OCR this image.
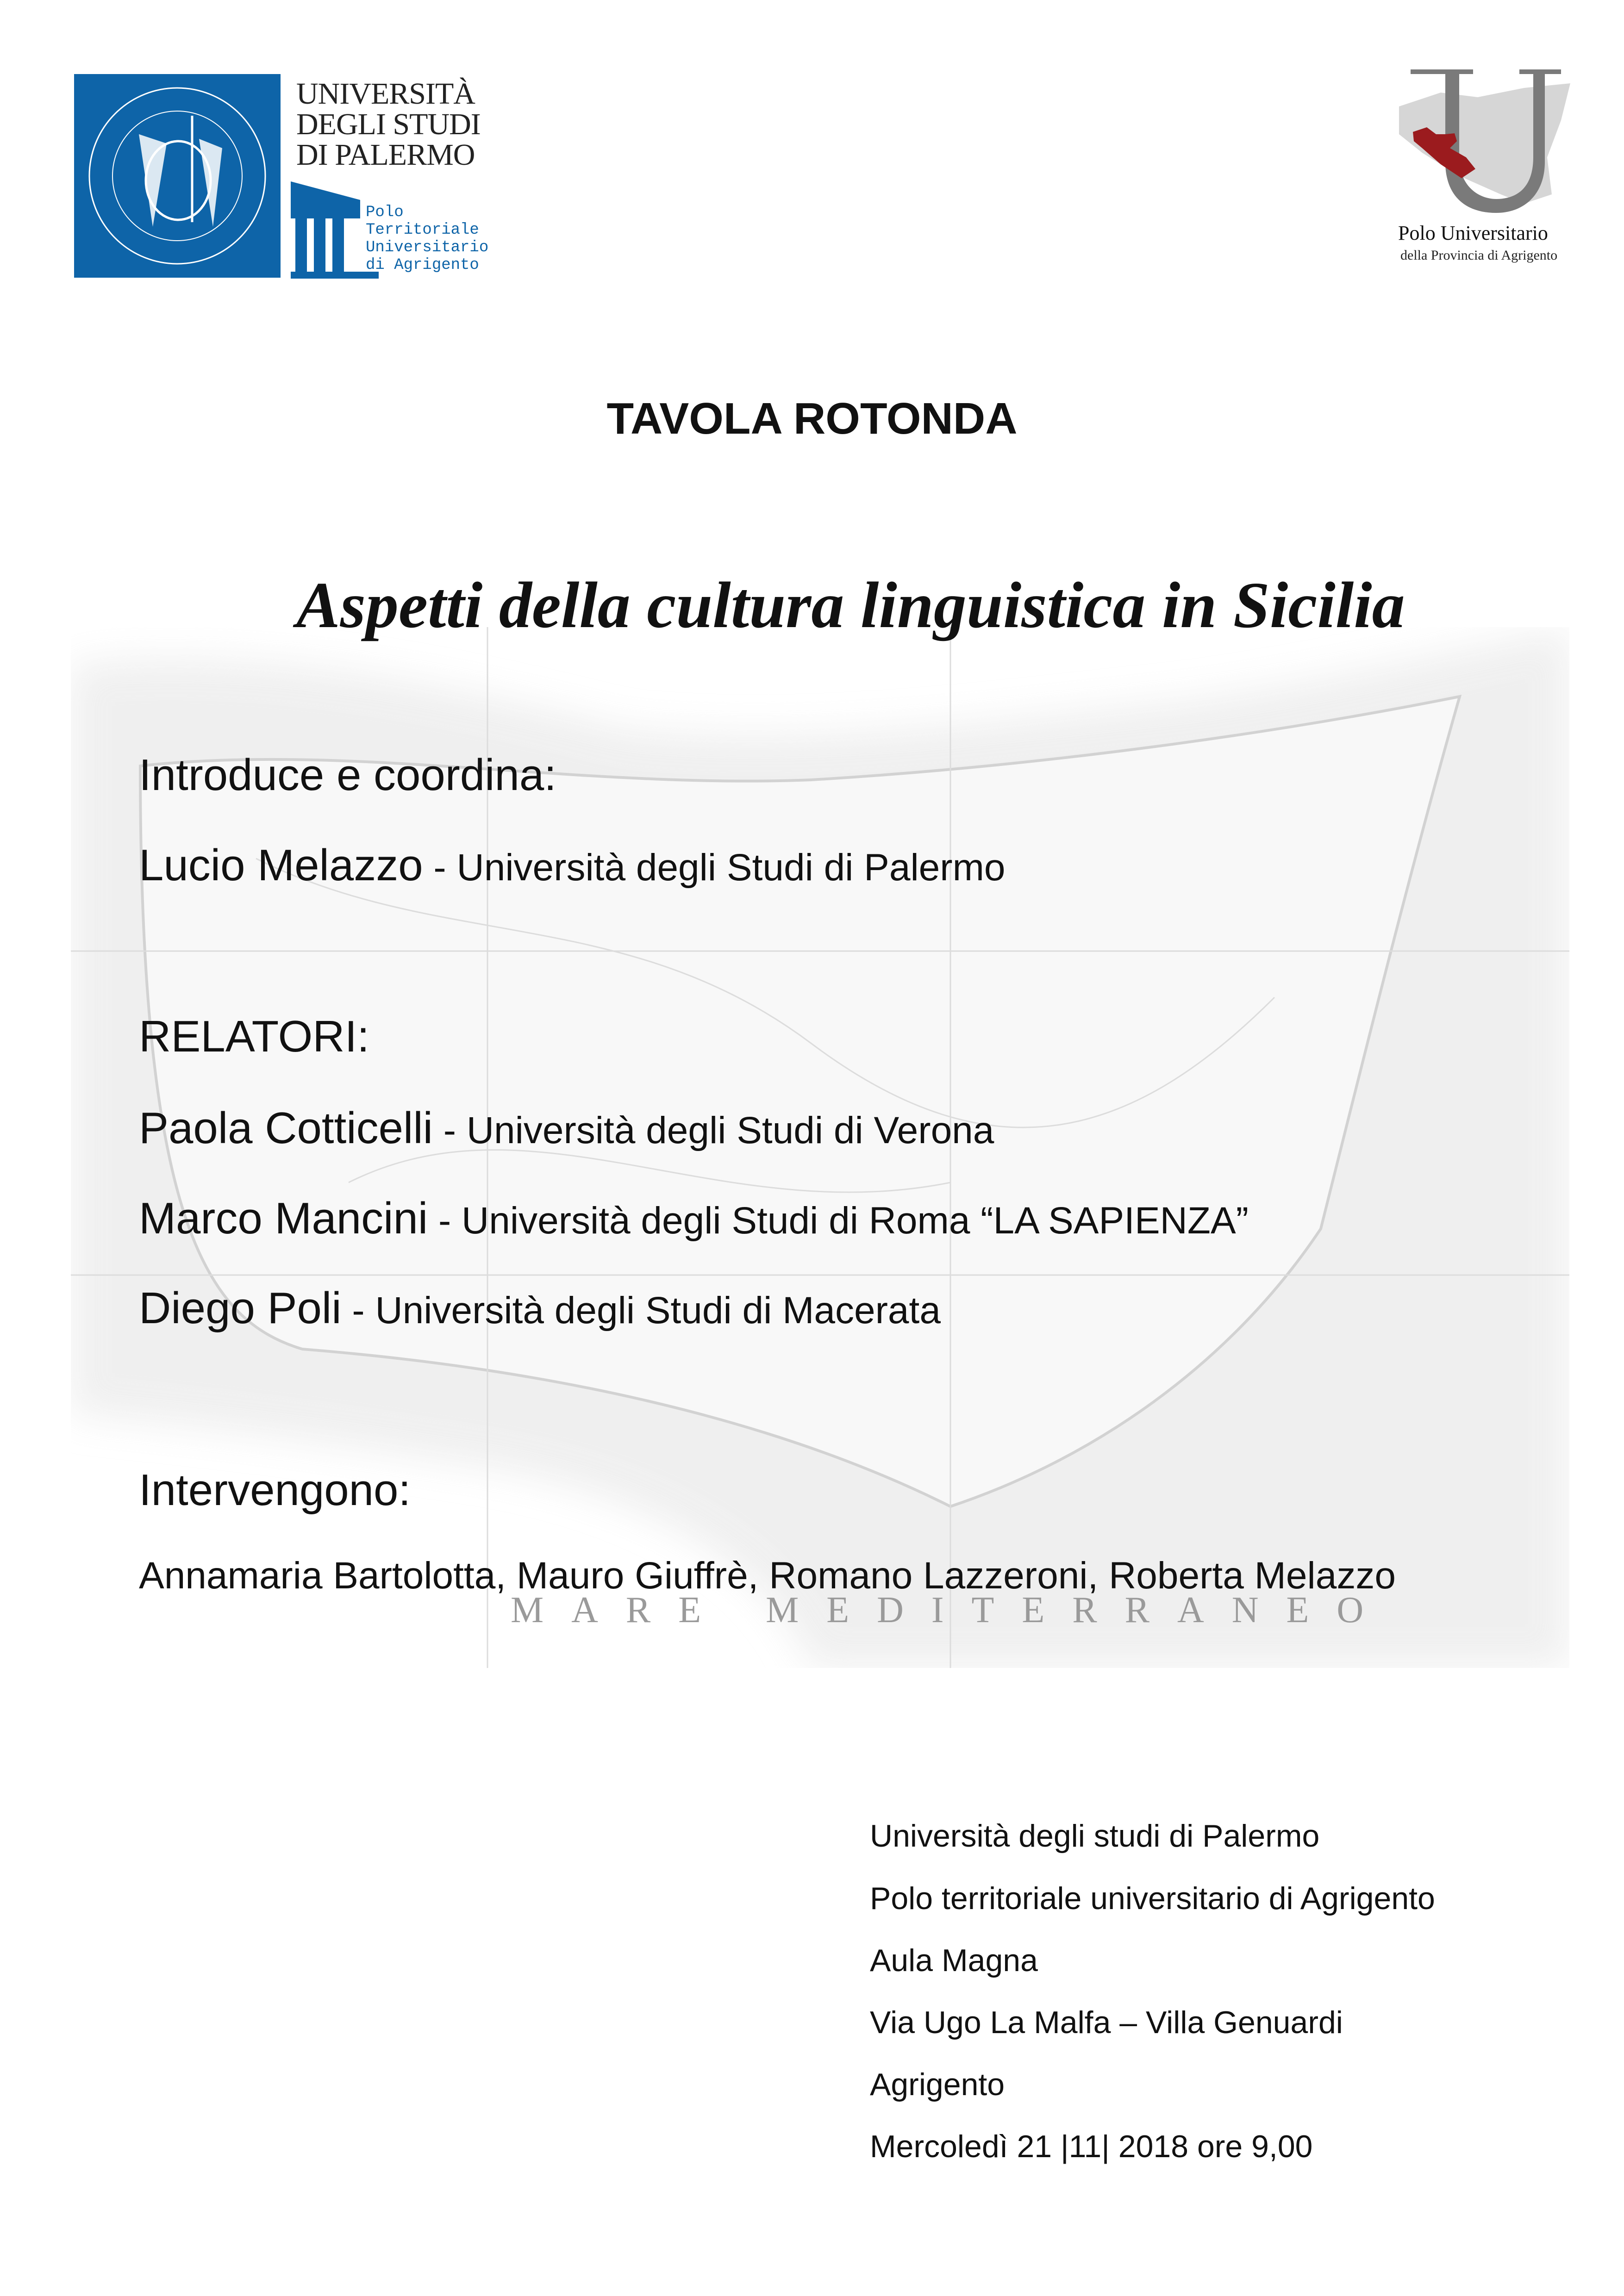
MARE MEDITERRANEO
UNIVERSITÀ
DEGLI STUDI
DI PALERMO
Polo
Territoriale
Universitario
di Agrigento
Polo Universitario
della Provincia di Agrigento
TAVOLA ROTONDA
Aspetti della cultura linguistica in Sicilia
Introduce e coordina:
Lucio Melazzo - Università degli Studi di Palermo
RELATORI:
Paola Cotticelli - Università degli Studi di Verona
Marco Mancini - Università degli Studi di Roma “LA SAPIENZA”
Diego Poli - Università degli Studi di Macerata
Intervengono:
Annamaria Bartolotta, Mauro Giuffrè, Romano Lazzeroni, Roberta Melazzo
Università degli studi di Palermo
Polo territoriale universitario di Agrigento
Aula Magna
Via Ugo La Malfa – Villa Genuardi
Agrigento
Mercoledì 21 |11| 2018 ore 9,00
